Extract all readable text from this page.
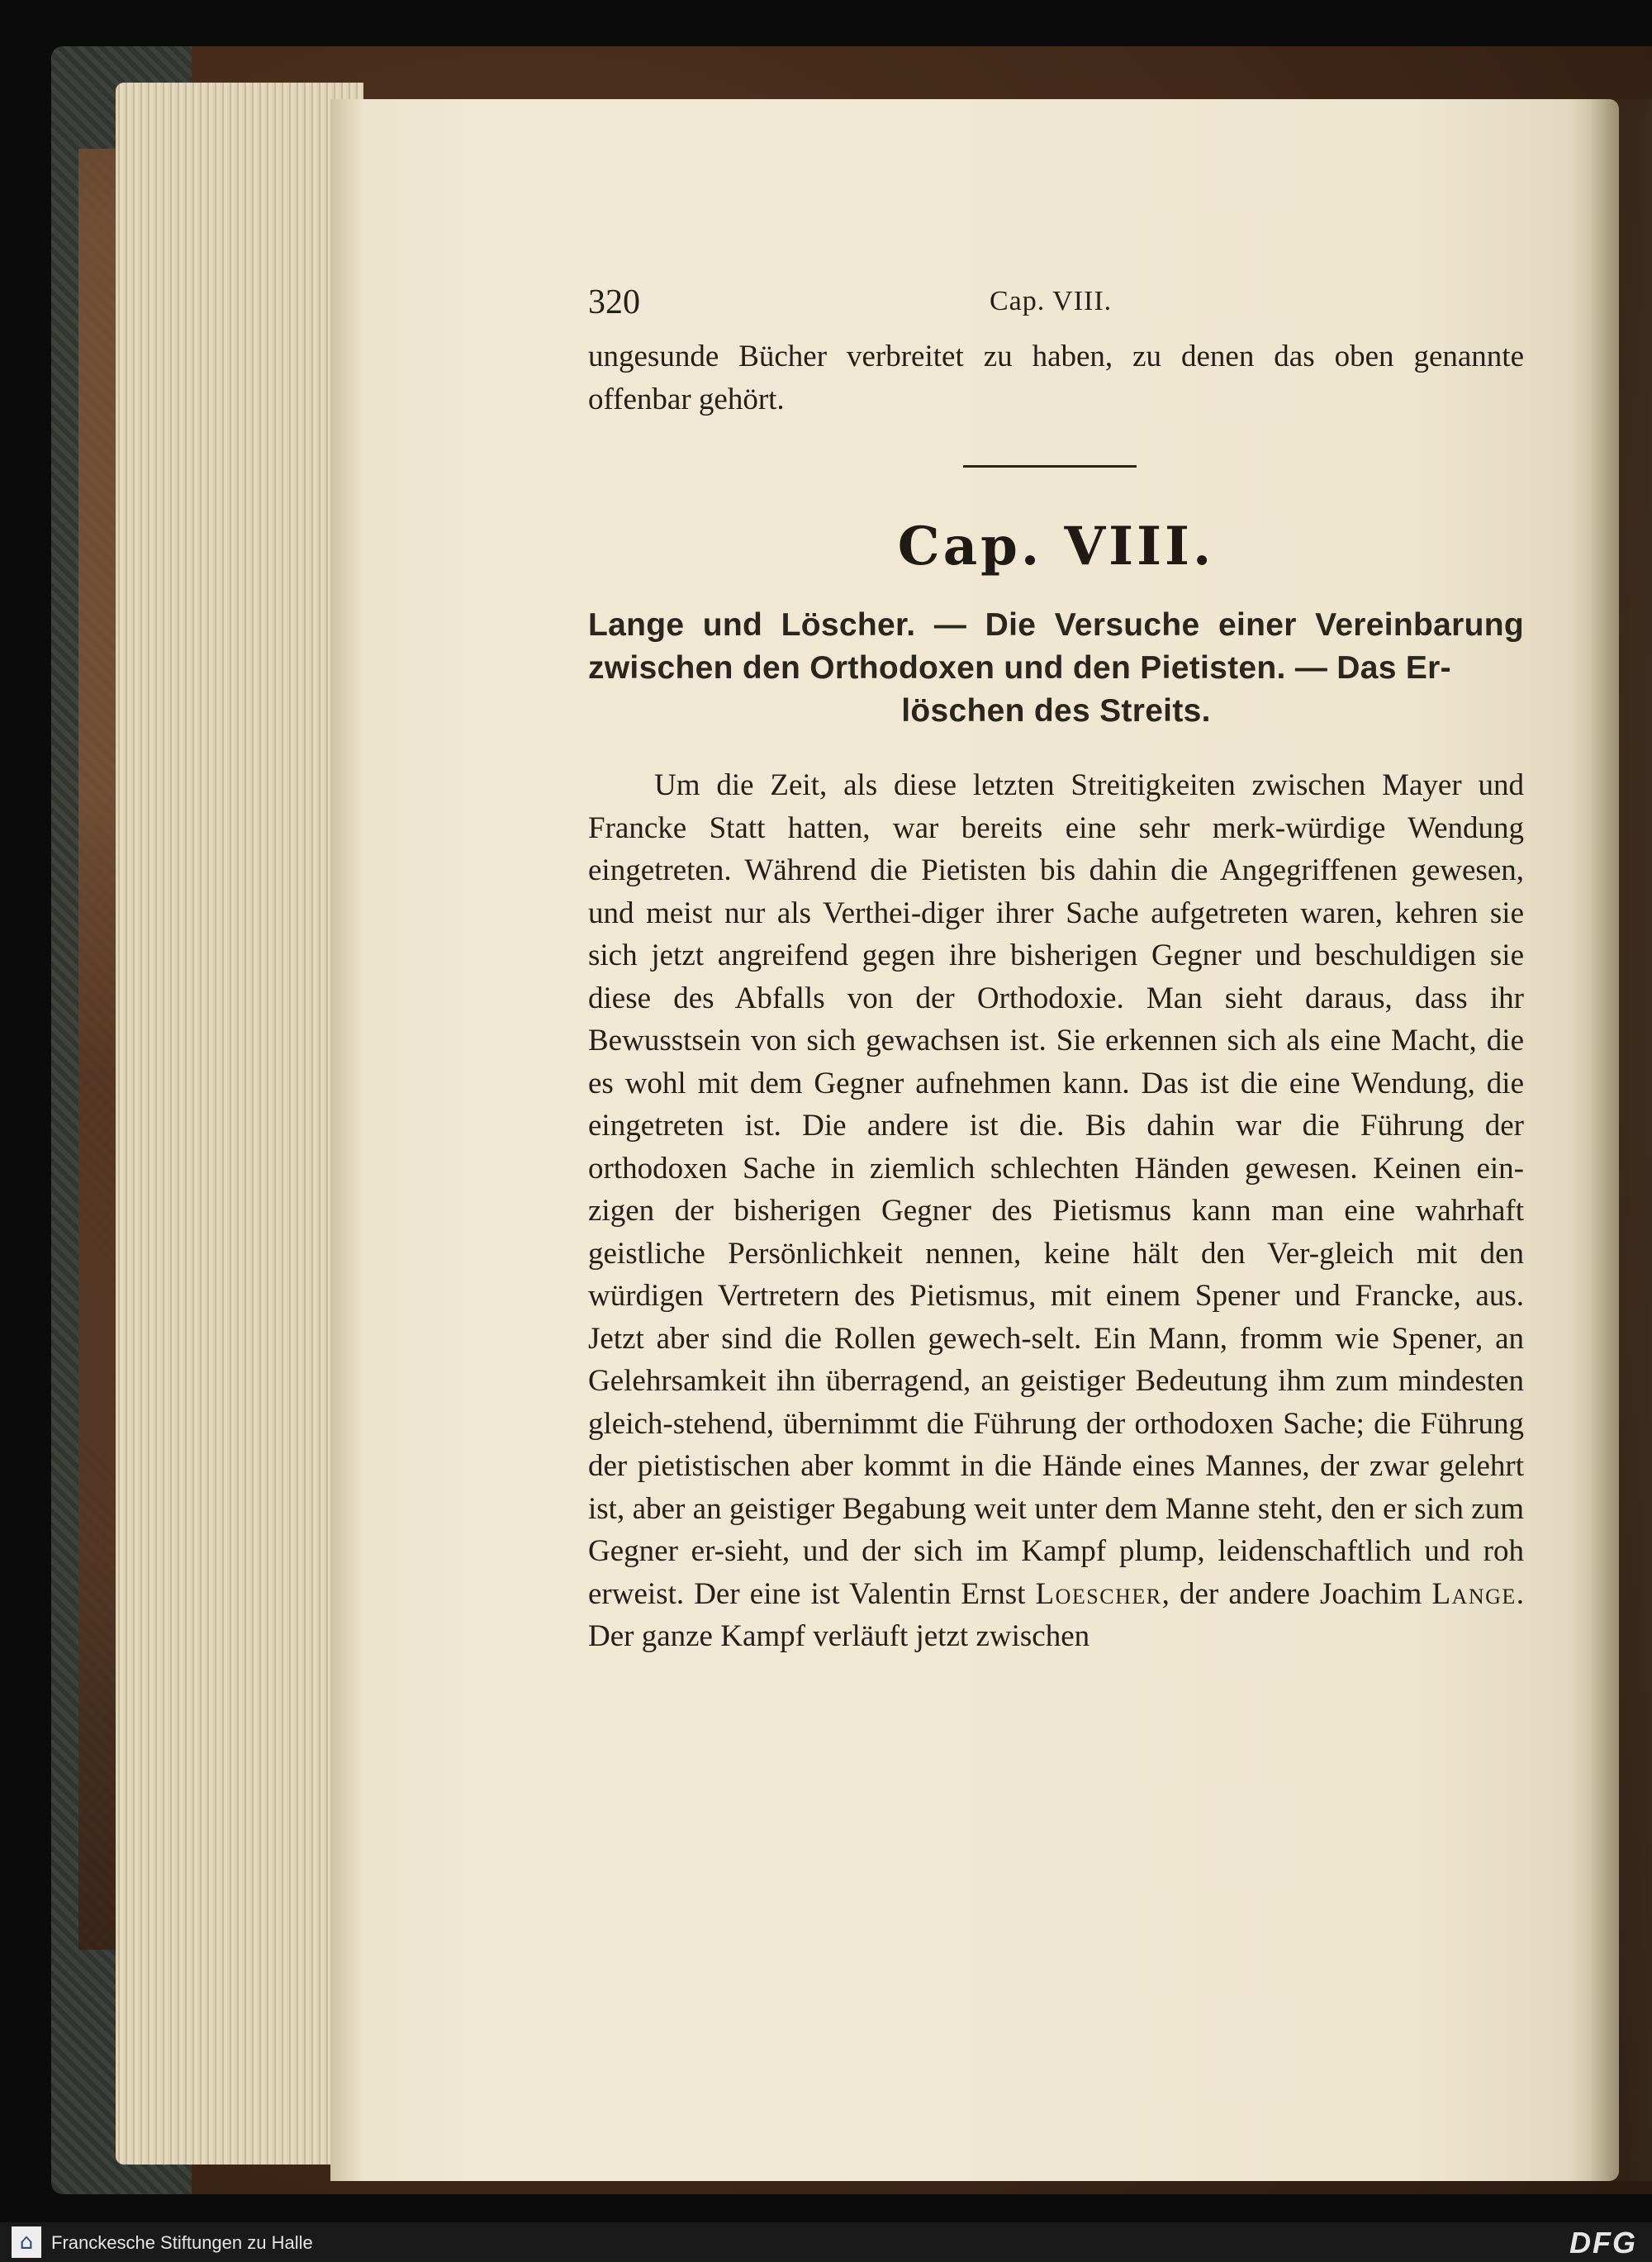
320	Cap. VIII.

ungesunde Bücher verbreitet zu haben, zu denen das oben genannte offenbar gehört.

Cap. VIII.
Lange und Löscher. — Die Versuche einer Vereinbarung zwischen den Orthodoxen und den Pietisten. — Das Er-
löschen des Streits.

Um die Zeit, als diese letzten Streitigkeiten zwischen Mayer und Francke Statt hatten, war bereits eine sehr merk-würdige Wendung eingetreten. Während die Pietisten bis dahin die Angegriffenen gewesen, und meist nur als Verthei-diger ihrer Sache aufgetreten waren, kehren sie sich jetzt angreifend gegen ihre bisherigen Gegner und beschuldigen sie diese des Abfalls von der Orthodoxie. Man sieht daraus, dass ihr Bewusstsein von sich gewachsen ist. Sie erkennen sich als eine Macht, die es wohl mit dem Gegner aufnehmen kann. Das ist die eine Wendung, die eingetreten ist. Die andere ist die. Bis dahin war die Führung der orthodoxen Sache in ziemlich schlechten Händen gewesen. Keinen ein-zigen der bisherigen Gegner des Pietismus kann man eine wahrhaft geistliche Persönlichkeit nennen, keine hält den Ver-gleich mit den würdigen Vertretern des Pietismus, mit einem Spener und Francke, aus. Jetzt aber sind die Rollen gewech-selt. Ein Mann, fromm wie Spener, an Gelehrsamkeit ihn überragend, an geistiger Bedeutung ihm zum mindesten gleich-stehend, übernimmt die Führung der orthodoxen Sache; die Führung der pietistischen aber kommt in die Hände eines Mannes, der zwar gelehrt ist, aber an geistiger Begabung weit unter dem Manne steht, den er sich zum Gegner er-sieht, und der sich im Kampf plump, leidenschaftlich und roh erweist. Der eine ist Valentin Ernst Loescher, der andere Joachim Lange. Der ganze Kampf verläuft jetzt zwischen

⌂ Franckesche Stiftungen zu Halle	DFG
